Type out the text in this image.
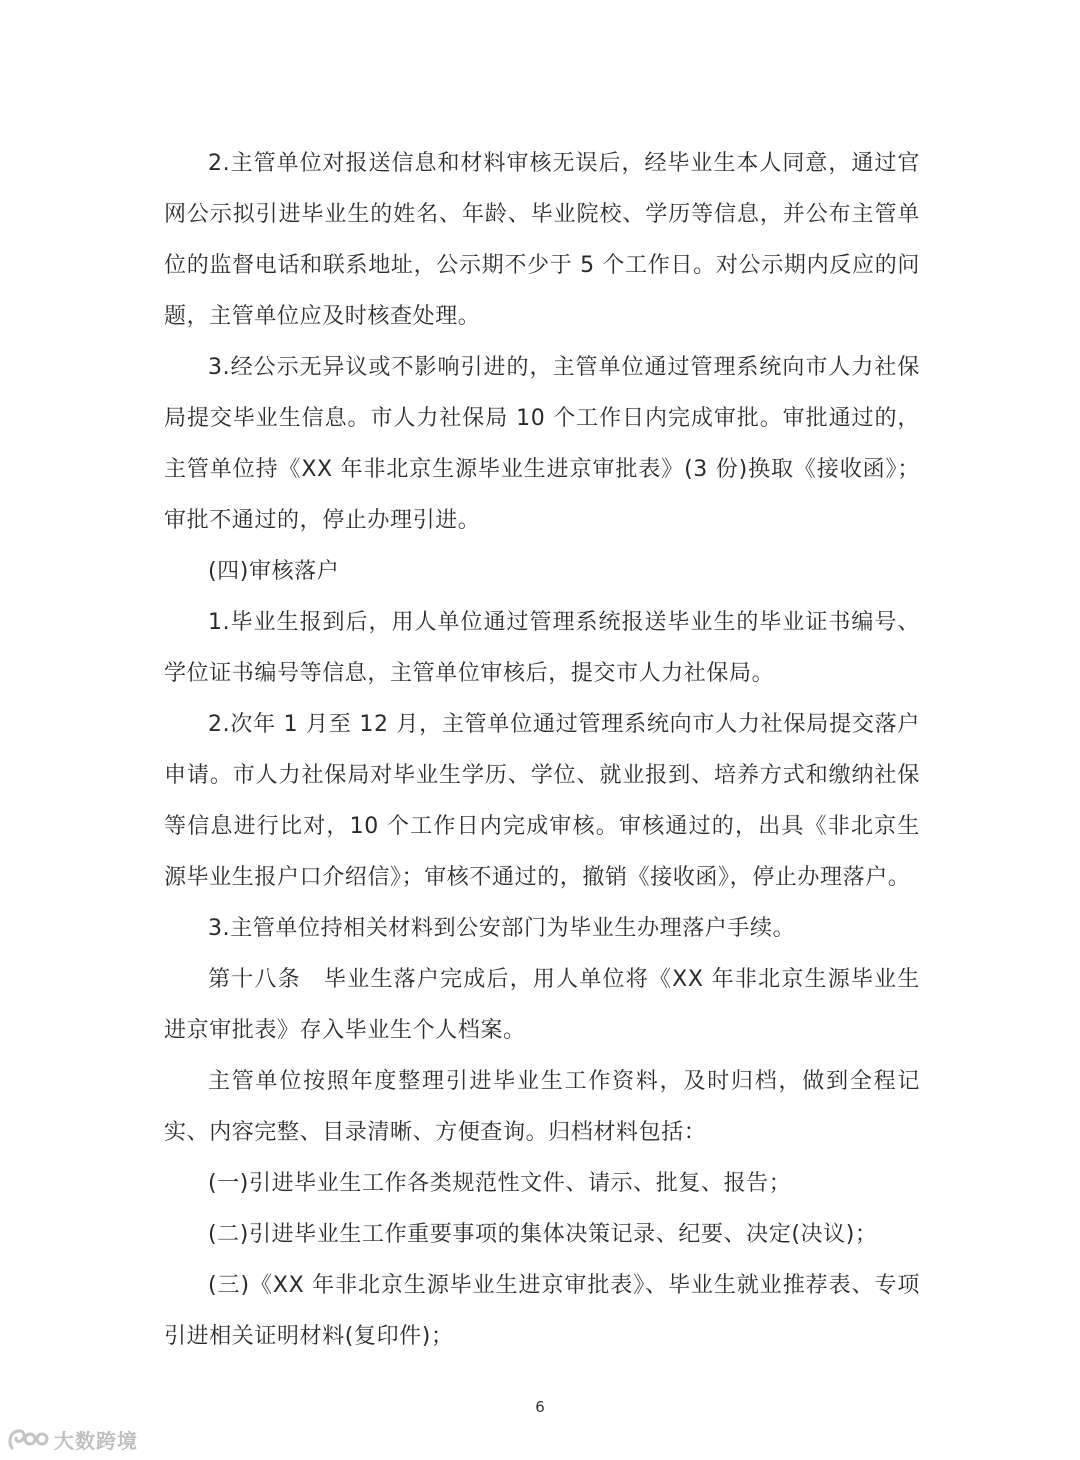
2.主管单位对报送信息和材料审核无误后，经毕业生本人同意，通过官网公示拟引进毕业生的姓名、年龄、毕业院校、学历等信息，并公布主管单位的监督电话和联系地址，公示期不少于 5 个工作日。对公示期内反应的问题，主管单位应及时核查处理。

3.经公示无异议或不影响引进的，主管单位通过管理系统向市人力社保局提交毕业生信息。市人力社保局 10 个工作日内完成审批。审批通过的，主管单位持《XX 年非北京生源毕业生进京审批表》(3 份)换取《接收函》；审批不通过的，停止办理引进。

(四)审核落户

1.毕业生报到后，用人单位通过管理系统报送毕业生的毕业证书编号、学位证书编号等信息，主管单位审核后，提交市人力社保局。

2.次年 1 月至 12 月，主管单位通过管理系统向市人力社保局提交落户申请。市人力社保局对毕业生学历、学位、就业报到、培养方式和缴纳社保等信息进行比对，10 个工作日内完成审核。审核通过的，出具《非北京生源毕业生报户口介绍信》；审核不通过的，撤销《接收函》，停止办理落户。

3.主管单位持相关材料到公安部门为毕业生办理落户手续。

第十八条　毕业生落户完成后，用人单位将《XX 年非北京生源毕业生进京审批表》存入毕业生个人档案。

主管单位按照年度整理引进毕业生工作资料，及时归档，做到全程记实、内容完整、目录清晰、方便查询。归档材料包括：

(一)引进毕业生工作各类规范性文件、请示、批复、报告；

(二)引进毕业生工作重要事项的集体决策记录、纪要、决定(决议)；

(三)《XX 年非北京生源毕业生进京审批表》、毕业生就业推荐表、专项引进相关证明材料(复印件)；

6
大数跨境
